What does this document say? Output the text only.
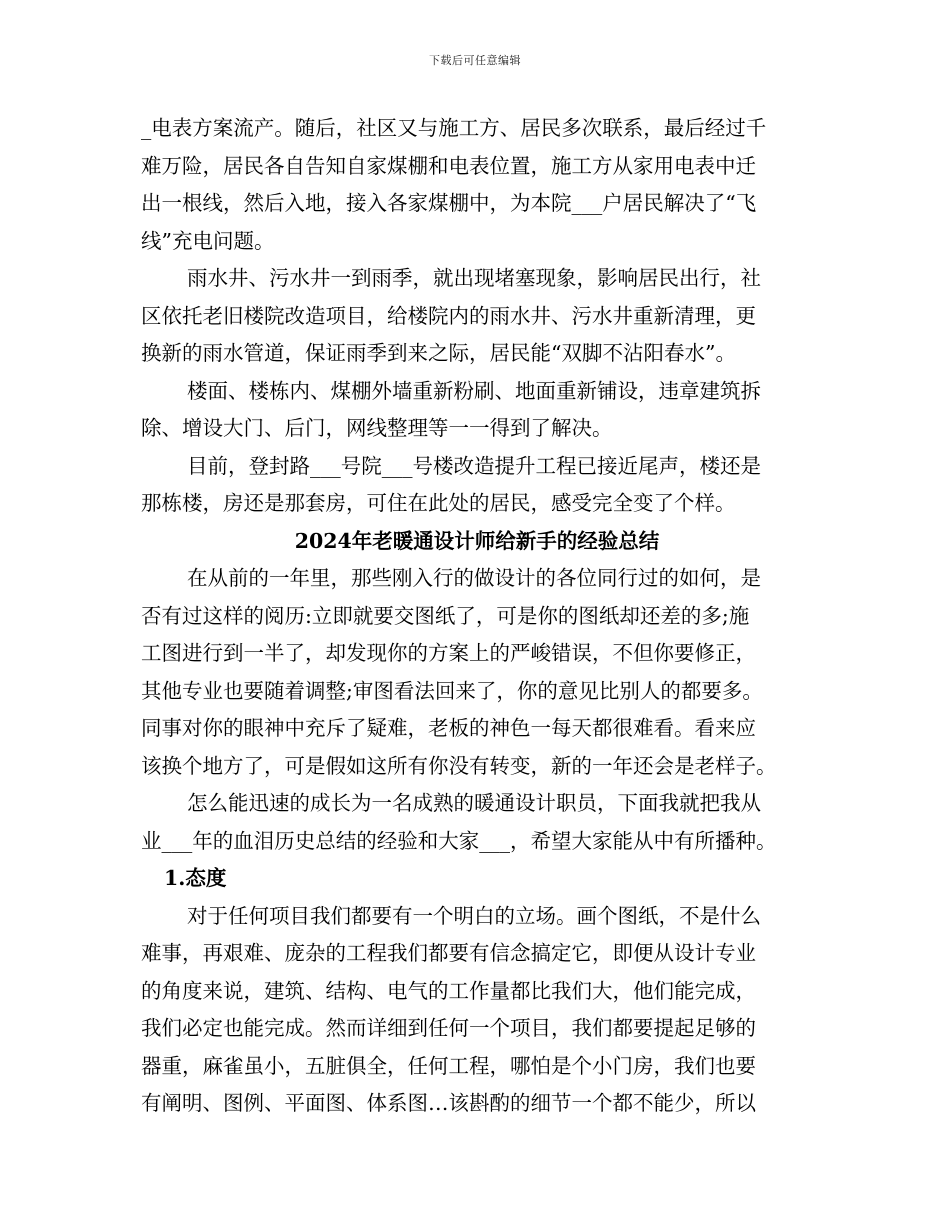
下载后可任意编辑
_电表方案流产。随后，社区又与施工方、居民多次联系，最后经过千
难万险，居民各自告知自家煤棚和电表位置，施工方从家用电表中迁
出一根线，然后入地，接入各家煤棚中，为本院___户居民解决了“飞
线”充电问题。
雨水井、污水井一到雨季，就出现堵塞现象，影响居民出行，社
区依托老旧楼院改造项目，给楼院内的雨水井、污水井重新清理，更
换新的雨水管道，保证雨季到来之际，居民能“双脚不沾阳春水”。
楼面、楼栋内、煤棚外墙重新粉刷、地面重新铺设，违章建筑拆
除、增设大门、后门，网线整理等一一得到了解决。
目前，登封路___号院___号楼改造提升工程已接近尾声，楼还是
那栋楼，房还是那套房，可住在此处的居民，感受完全变了个样。
2024年老暖通设计师给新手的经验总结
在从前的一年里，那些刚入行的做设计的各位同行过的如何，是
否有过这样的阅历:立即就要交图纸了，可是你的图纸却还差的多;施
工图进行到一半了，却发现你的方案上的严峻错误，不但你要修正，
其他专业也要随着调整;审图看法回来了，你的意见比别人的都要多。
同事对你的眼神中充斥了疑难，老板的神色一每天都很难看。看来应
该换个地方了，可是假如这所有你没有转变，新的一年还会是老样子。
怎么能迅速的成长为一名成熟的暖通设计职员，下面我就把我从
业___年的血泪历史总结的经验和大家___，希望大家能从中有所播种。
1.态度
对于任何项目我们都要有一个明白的立场。画个图纸，不是什么
难事，再艰难、庞杂的工程我们都要有信念搞定它，即便从设计专业
的角度来说，建筑、结构、电气的工作量都比我们大，他们能完成，
我们必定也能完成。然而详细到任何一个项目，我们都要提起足够的
器重，麻雀虽小，五脏俱全，任何工程，哪怕是个小门房，我们也要
有阐明、图例、平面图、体系图…该斟酌的细节一个都不能少，所以
